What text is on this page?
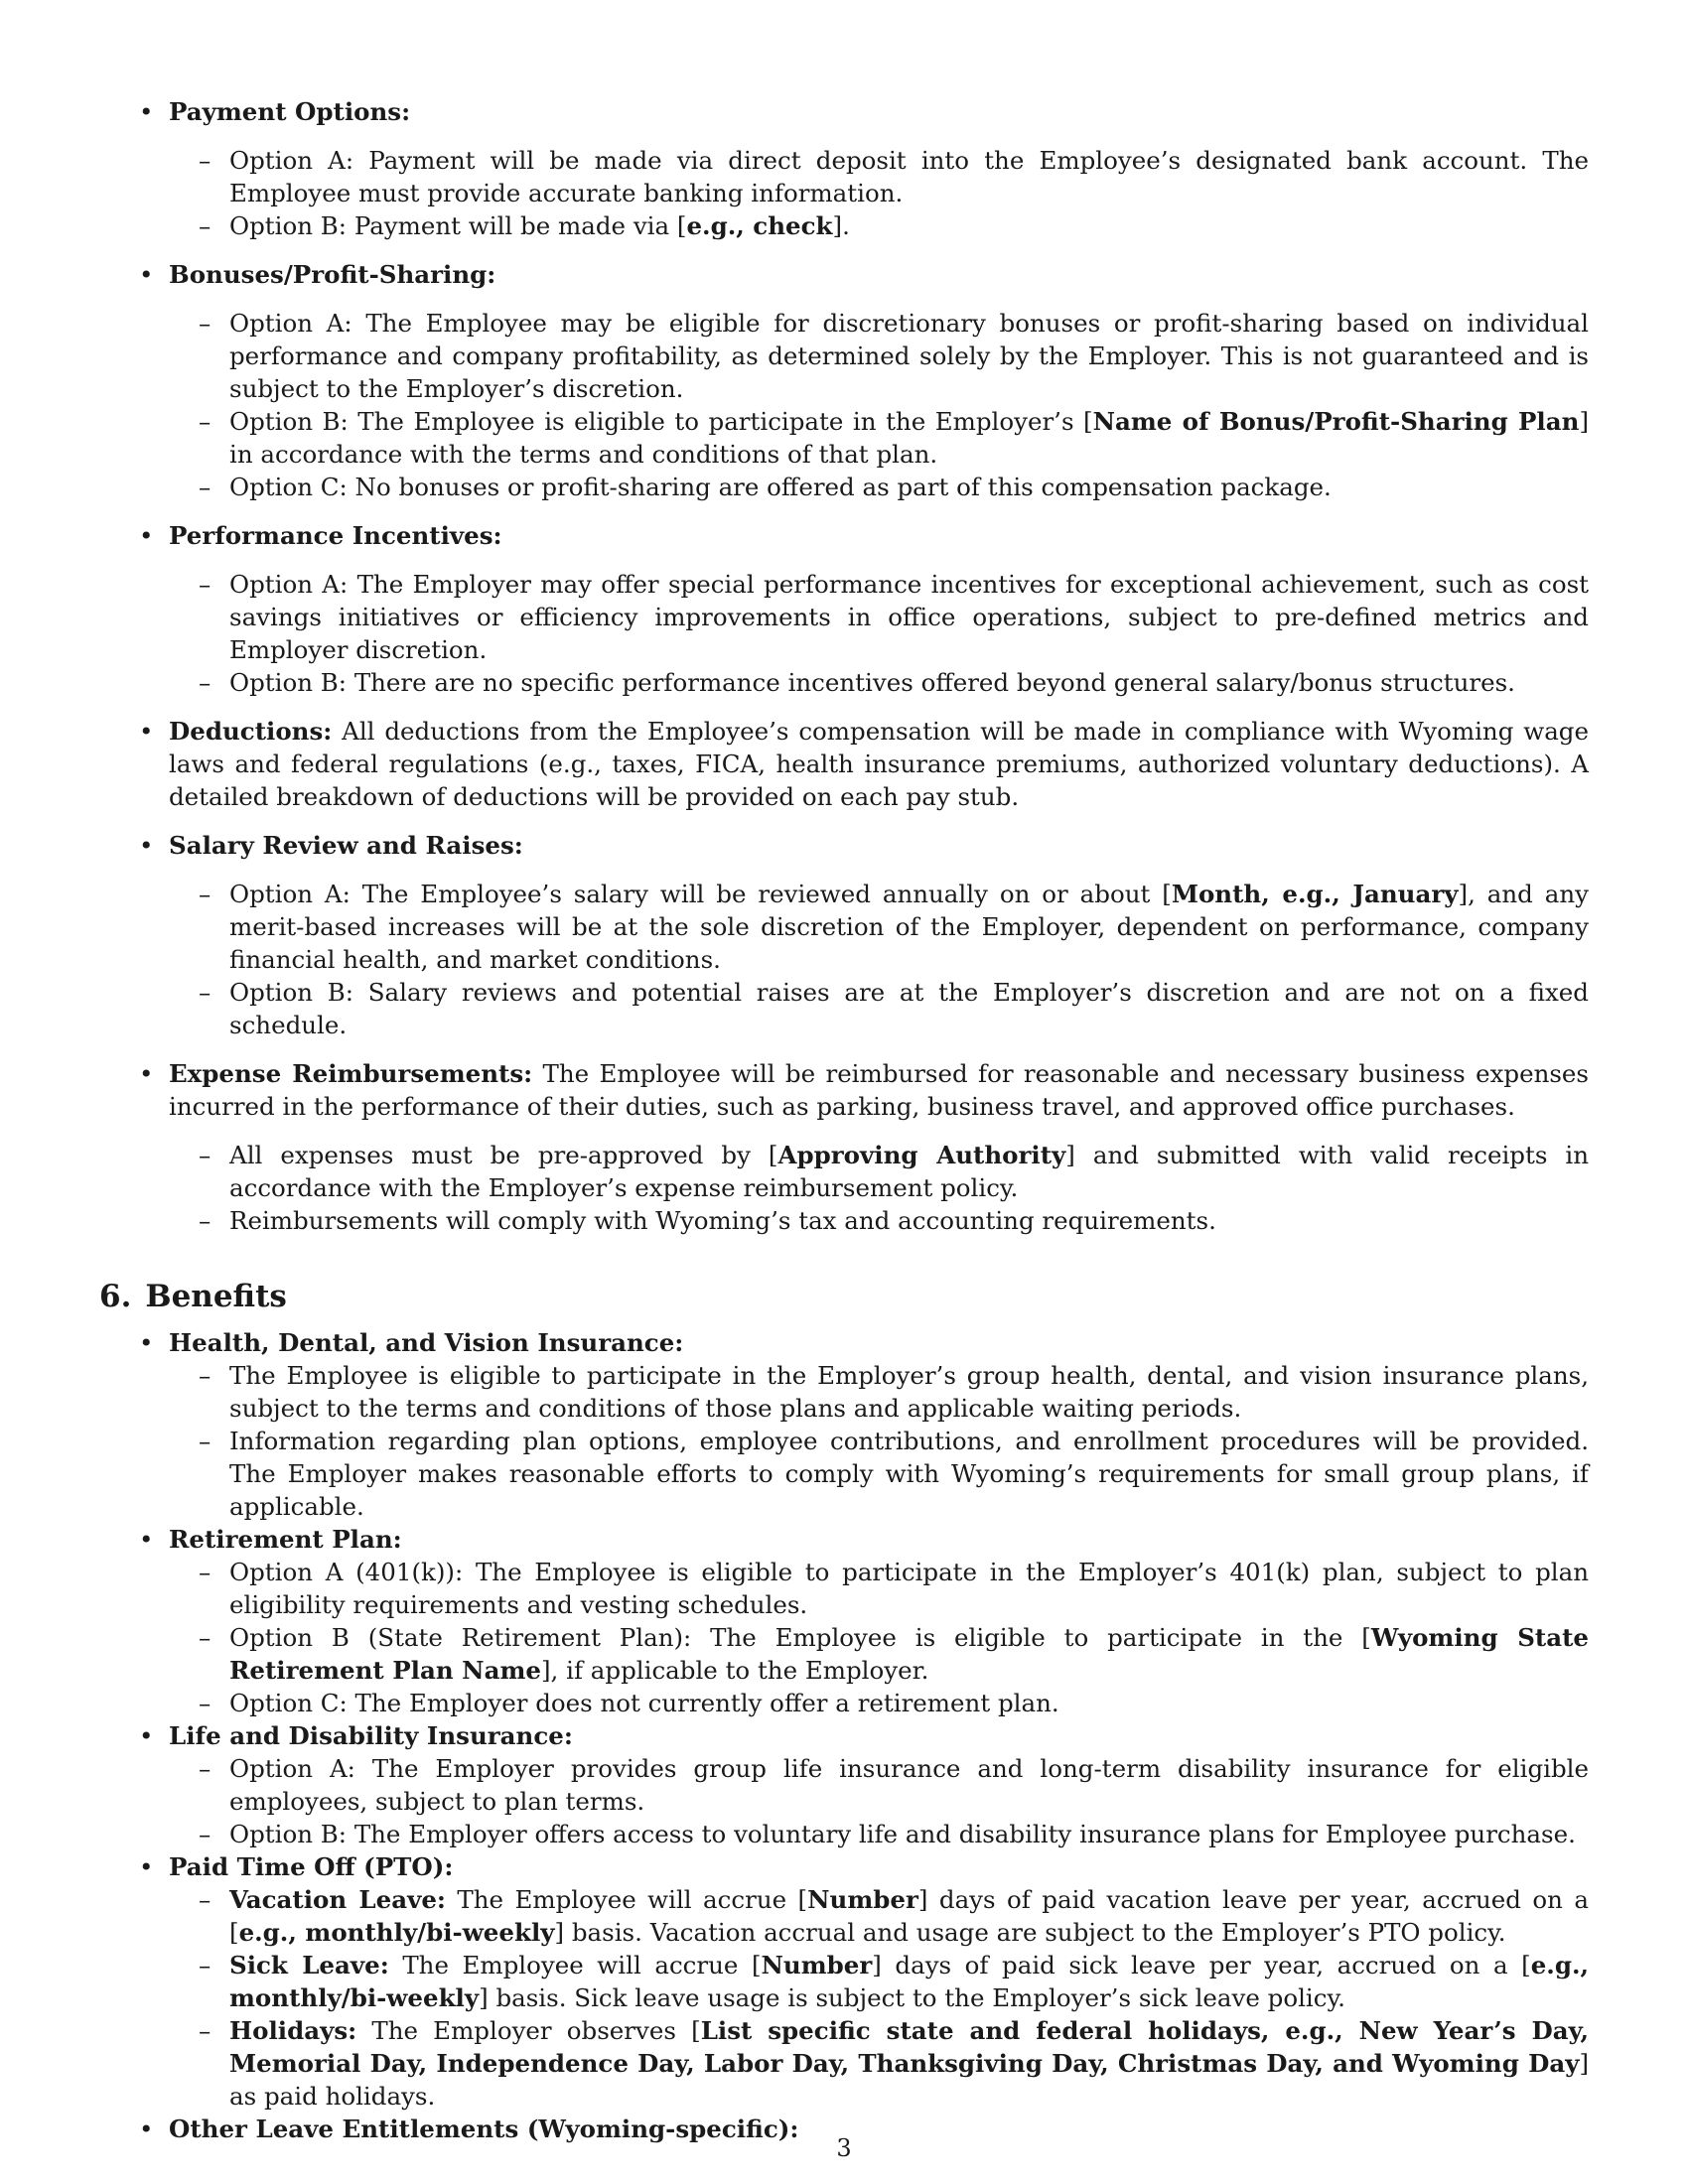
• Payment Options:
– Option A: Payment will be made via direct deposit into the Employee’s designated bank account. The Employee must provide accurate banking information.
– Option B: Payment will be made via [e.g., check].
• Bonuses/Profit-Sharing:
– Option A: The Employee may be eligible for discretionary bonuses or profit-sharing based on individual performance and company profitability, as determined solely by the Employer. This is not guaranteed and is subject to the Employer’s discretion.
– Option B: The Employee is eligible to participate in the Employer’s [Name of Bonus/Profit-Sharing Plan] in accordance with the terms and conditions of that plan.
– Option C: No bonuses or profit-sharing are offered as part of this compensation package.
• Performance Incentives:
– Option A: The Employer may offer special performance incentives for exceptional achievement, such as cost savings initiatives or efficiency improvements in office operations, subject to pre-defined metrics and Employer discretion.
– Option B: There are no specific performance incentives offered beyond general salary/bonus structures.
• Deductions: All deductions from the Employee’s compensation will be made in compliance with Wyoming wage laws and federal regulations (e.g., taxes, FICA, health insurance premiums, authorized voluntary deductions). A detailed breakdown of deductions will be provided on each pay stub.
• Salary Review and Raises:
– Option A: The Employee’s salary will be reviewed annually on or about [Month, e.g., January], and any merit-based increases will be at the sole discretion of the Employer, dependent on performance, company financial health, and market conditions.
– Option B: Salary reviews and potential raises are at the Employer’s discretion and are not on a fixed schedule.
• Expense Reimbursements: The Employee will be reimbursed for reasonable and necessary business expenses incurred in the performance of their duties, such as parking, business travel, and approved office purchases.
– All expenses must be pre-approved by [Approving Authority] and submitted with valid receipts in accordance with the Employer’s expense reimbursement policy.
– Reimbursements will comply with Wyoming’s tax and accounting requirements.
6. Benefits
• Health, Dental, and Vision Insurance:
– The Employee is eligible to participate in the Employer’s group health, dental, and vision insurance plans, subject to the terms and conditions of those plans and applicable waiting periods.
– Information regarding plan options, employee contributions, and enrollment procedures will be provided. The Employer makes reasonable efforts to comply with Wyoming’s requirements for small group plans, if applicable.
• Retirement Plan:
– Option A (401(k)): The Employee is eligible to participate in the Employer’s 401(k) plan, subject to plan eligibility requirements and vesting schedules.
– Option B (State Retirement Plan): The Employee is eligible to participate in the [Wyoming State Retirement Plan Name], if applicable to the Employer.
– Option C: The Employer does not currently offer a retirement plan.
• Life and Disability Insurance:
– Option A: The Employer provides group life insurance and long-term disability insurance for eligible employees, subject to plan terms.
– Option B: The Employer offers access to voluntary life and disability insurance plans for Employee purchase.
• Paid Time Off (PTO):
– Vacation Leave: The Employee will accrue [Number] days of paid vacation leave per year, accrued on a [e.g., monthly/bi-weekly] basis. Vacation accrual and usage are subject to the Employer’s PTO policy.
– Sick Leave: The Employee will accrue [Number] days of paid sick leave per year, accrued on a [e.g., monthly/bi-weekly] basis. Sick leave usage is subject to the Employer’s sick leave policy.
– Holidays: The Employer observes [List specific state and federal holidays, e.g., New Year’s Day, Memorial Day, Independence Day, Labor Day, Thanksgiving Day, Christmas Day, and Wyoming Day] as paid holidays.
• Other Leave Entitlements (Wyoming-specific):
3
